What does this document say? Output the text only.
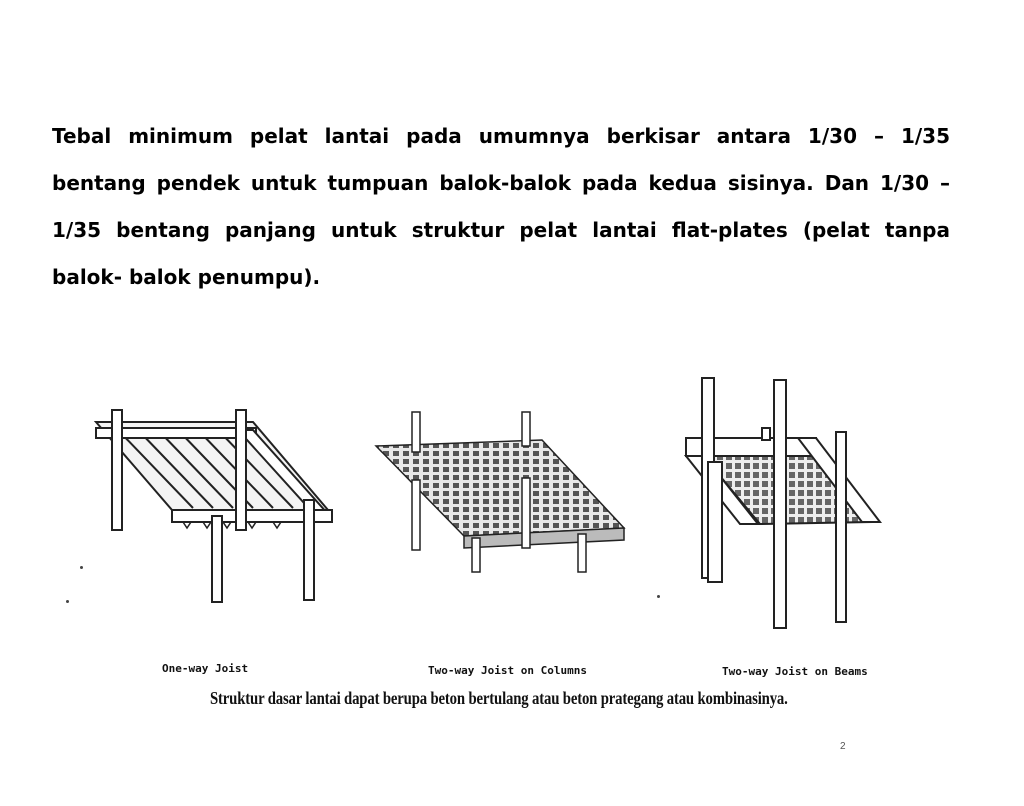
Tebal minimum pelat lantai pada umumnya berkisar antara 1/30 – 1/35 bentang pendek untuk tumpuan balok-balok pada kedua sisinya. Dan 1/30 – 1/35 bentang panjang untuk struktur pelat lantai flat-plates (pelat tanpa balok- balok penumpu).

One-way Joist	Two-way Joist on Columns	Two-way Joist on Beams
Struktur dasar lantai dapat berupa beton bertulang atau beton prategang atau kombinasinya.
2
